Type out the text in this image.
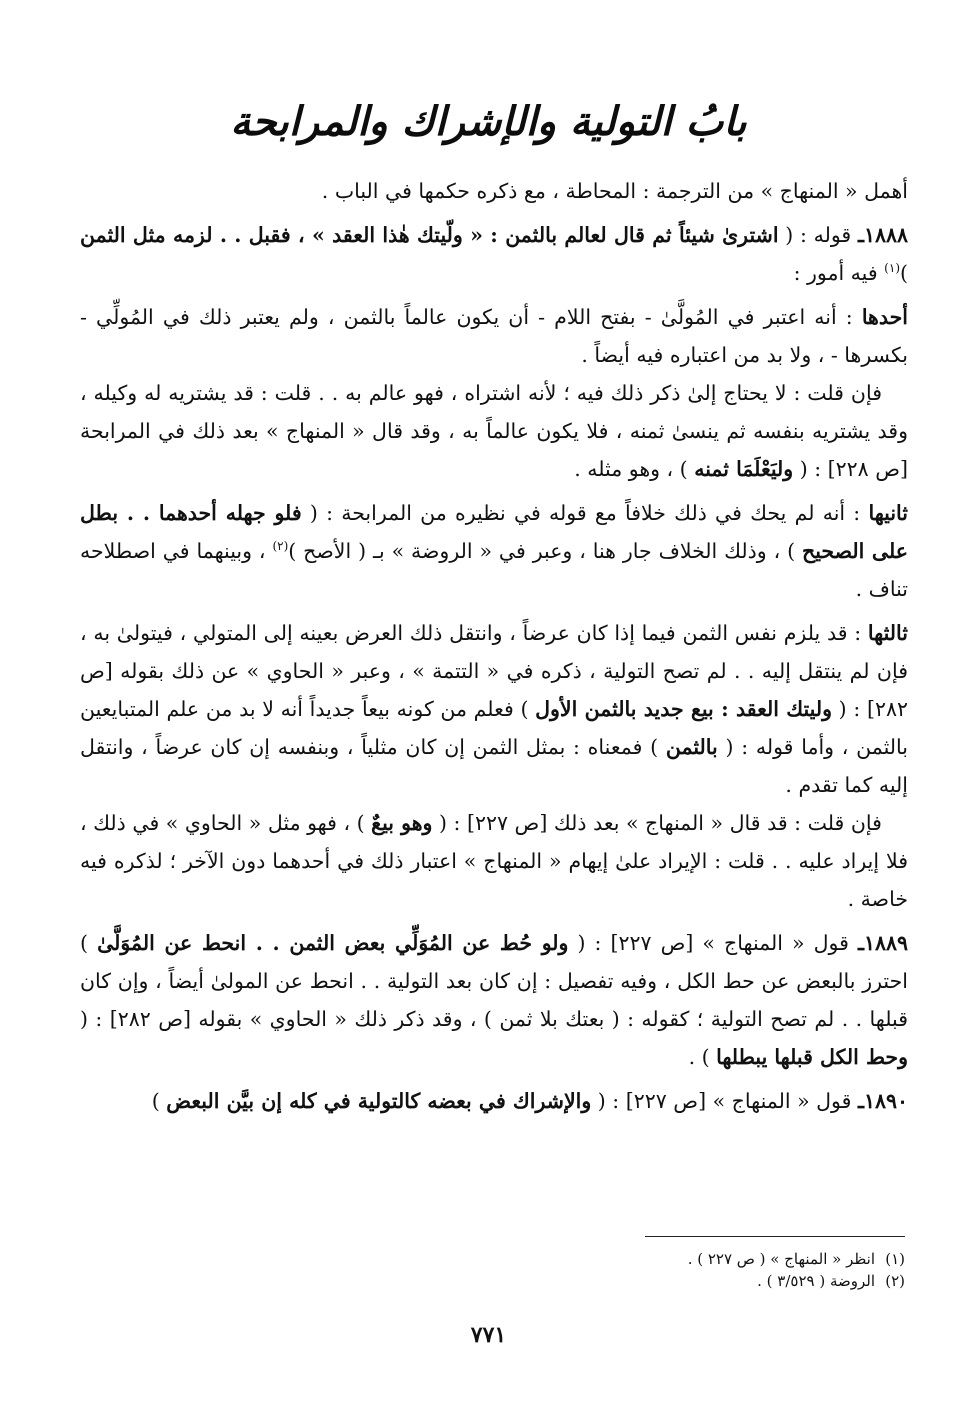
بابُ التولية والإشراك والمرابحة

أهمل « المنهاج » من الترجمة : المحاطة ، مع ذكره حكمها في الباب .

١٨٨٨ـ قوله : ( اشترىٰ شيئاً ثم قال لعالم بالثمن : « ولّيتك هٰذا العقد » ، فقبل . . لزمه مثل الثمن )$^{(١)}$ فيه أمور :

أحدها : أنه اعتبر في المُولَّىٰ - بفتح اللام - أن يكون عالماً بالثمن ، ولم يعتبر ذلك في المُولِّي - بكسرها - ، ولا بد من اعتباره فيه أيضاً .

فإن قلت : لا يحتاج إلىٰ ذكر ذلك فيه ؛ لأنه اشتراه ، فهو عالم به . . قلت : قد يشتريه له وكيله ، وقد يشتريه بنفسه ثم ينسىٰ ثمنه ، فلا يكون عالماً به ، وقد قال « المنهاج » بعد ذلك في المرابحة [ص ٢٢٨] : ( وليَعْلَمَا ثمنه ) ، وهو مثله .

ثانيها : أنه لم يحك في ذلك خلافاً مع قوله في نظيره من المرابحة : ( فلو جهله أحدهما . . بطل على الصحيح ) ، وذلك الخلاف جار هنا ، وعبر في « الروضة » بـ ( الأصح )$^{(٢)}$ ، وبينهما في اصطلاحه تناف .

ثالثها : قد يلزم نفس الثمن فيما إذا كان عرضاً ، وانتقل ذلك العرض بعينه إلى المتولي ، فيتولىٰ به ، فإن لم ينتقل إليه . . لم تصح التولية ، ذكره في « التتمة » ، وعبر « الحاوي » عن ذلك بقوله [ص ٢٨٢] : ( وليتك العقد : بيع جديد بالثمن الأول ) فعلم من كونه بيعاً جديداً أنه لا بد من علم المتبايعين بالثمن ، وأما قوله : ( بالثمن ) فمعناه : بمثل الثمن إن كان مثلياً ، وبنفسه إن كان عرضاً ، وانتقل إليه كما تقدم .

فإن قلت : قد قال « المنهاج » بعد ذلك [ص ٢٢٧] : ( وهو بيعٌ ) ، فهو مثل « الحاوي » في ذلك ، فلا إيراد عليه . . قلت : الإيراد علىٰ إيهام « المنهاج » اعتبار ذلك في أحدهما دون الآخر ؛ لذكره فيه خاصة .

١٨٨٩ـ قول « المنهاج » [ص ٢٢٧] : ( ولو حُط عن المُوَلِّي بعض الثمن . . انحط عن المُوَلَّىٰ ) احترز بالبعض عن حط الكل ، وفيه تفصيل : إن كان بعد التولية . . انحط عن المولىٰ أيضاً ، وإن كان قبلها . . لم تصح التولية ؛ كقوله : ( بعتك بلا ثمن ) ، وقد ذكر ذلك « الحاوي » بقوله [ص ٢٨٢] : ( وحط الكل قبلها يبطلها ) .

١٨٩٠ـ قول « المنهاج » [ص ٢٢٧] : ( والإشراك في بعضه كالتولية في كله إن بيَّن البعض )

(١)انظر « المنهاج » ( ص ٢٢٧ ) .
(٢)الروضة ( ٣/٥٢٩ ) .
٧٧١
